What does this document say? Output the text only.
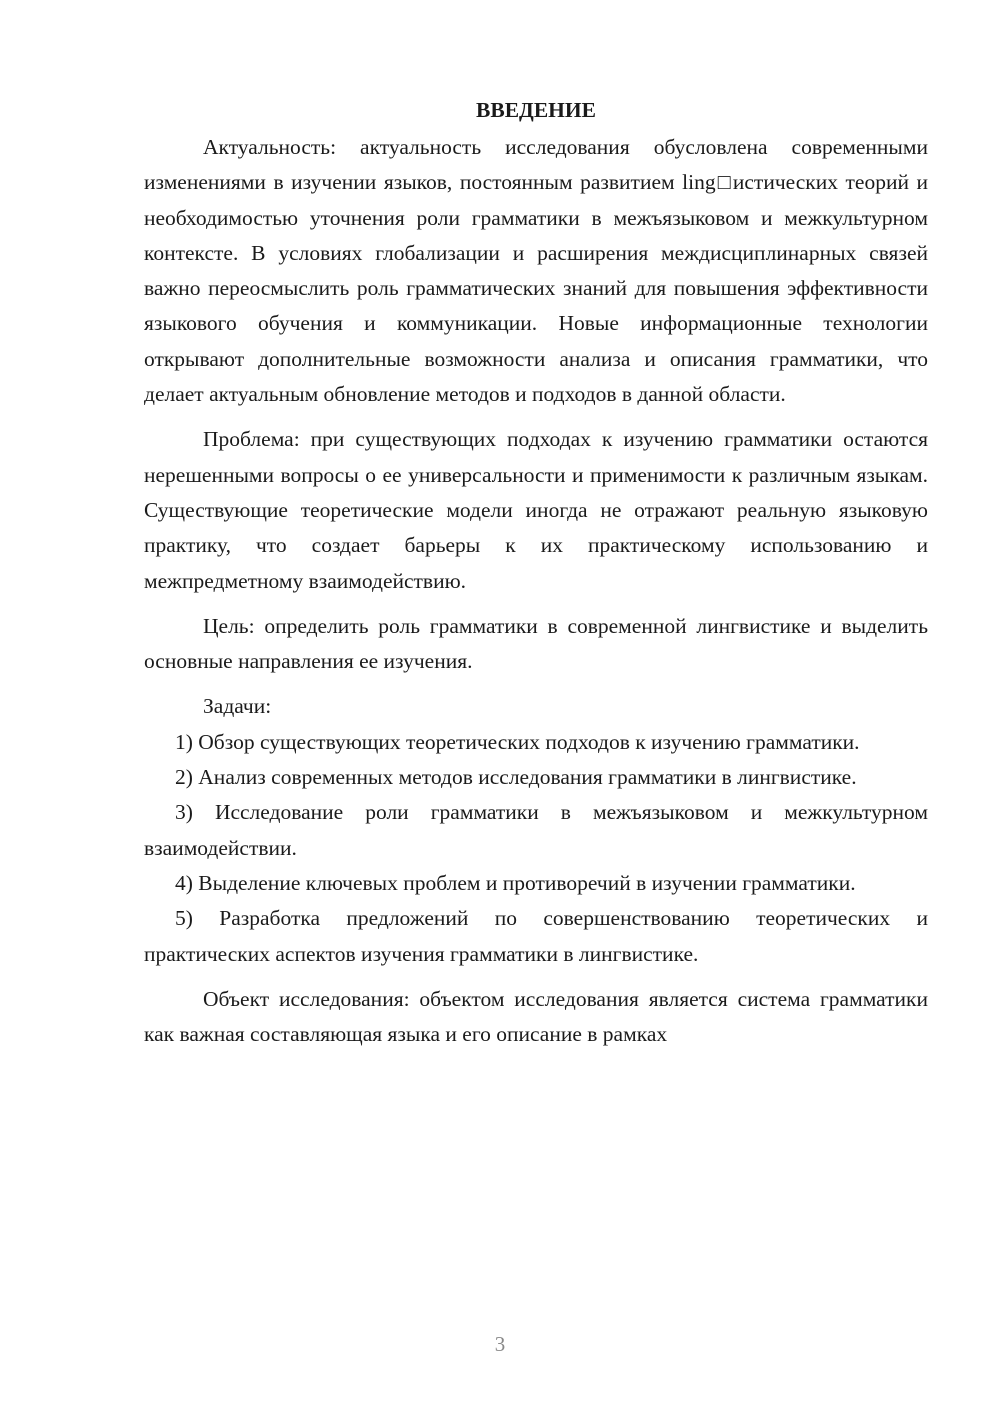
ВВЕДЕНИЕ

Актуальность: актуальность исследования обусловлена современными изменениями в изучении языков, постоянным развитием ling□истических теорий и необходимостью уточнения роли грамматики в межъязыковом и межкультурном контексте. В условиях глобализации и расширения междисциплинарных связей важно переосмыслить роль грамматических знаний для повышения эффективности языкового обучения и коммуникации. Новые информационные технологии открывают дополнительные возможности анализа и описания грамматики, что делает актуальным обновление методов и подходов в данной области.

Проблема: при существующих подходах к изучению грамматики остаются нерешенными вопросы о ее универсальности и применимости к различным языкам. Существующие теоретические модели иногда не отражают реальную языковую практику, что создает барьеры к их практическому использованию и межпредметному взаимодействию.

Цель: определить роль грамматики в современной лингвистике и выделить основные направления ее изучения.

Задачи:

1) Обзор существующих теоретических подходов к изучению грамматики.

2) Анализ современных методов исследования грамматики в лингвистике.

3) Исследование роли грамматики в межъязыковом и межкультурном взаимодействии.

4) Выделение ключевых проблем и противоречий в изучении грамматики.

5) Разработка предложений по совершенствованию теоретических и практических аспектов изучения грамматики в лингвистике.

Объект исследования: объектом исследования является система грамматики как важная составляющая языка и его описание в рамках

3
